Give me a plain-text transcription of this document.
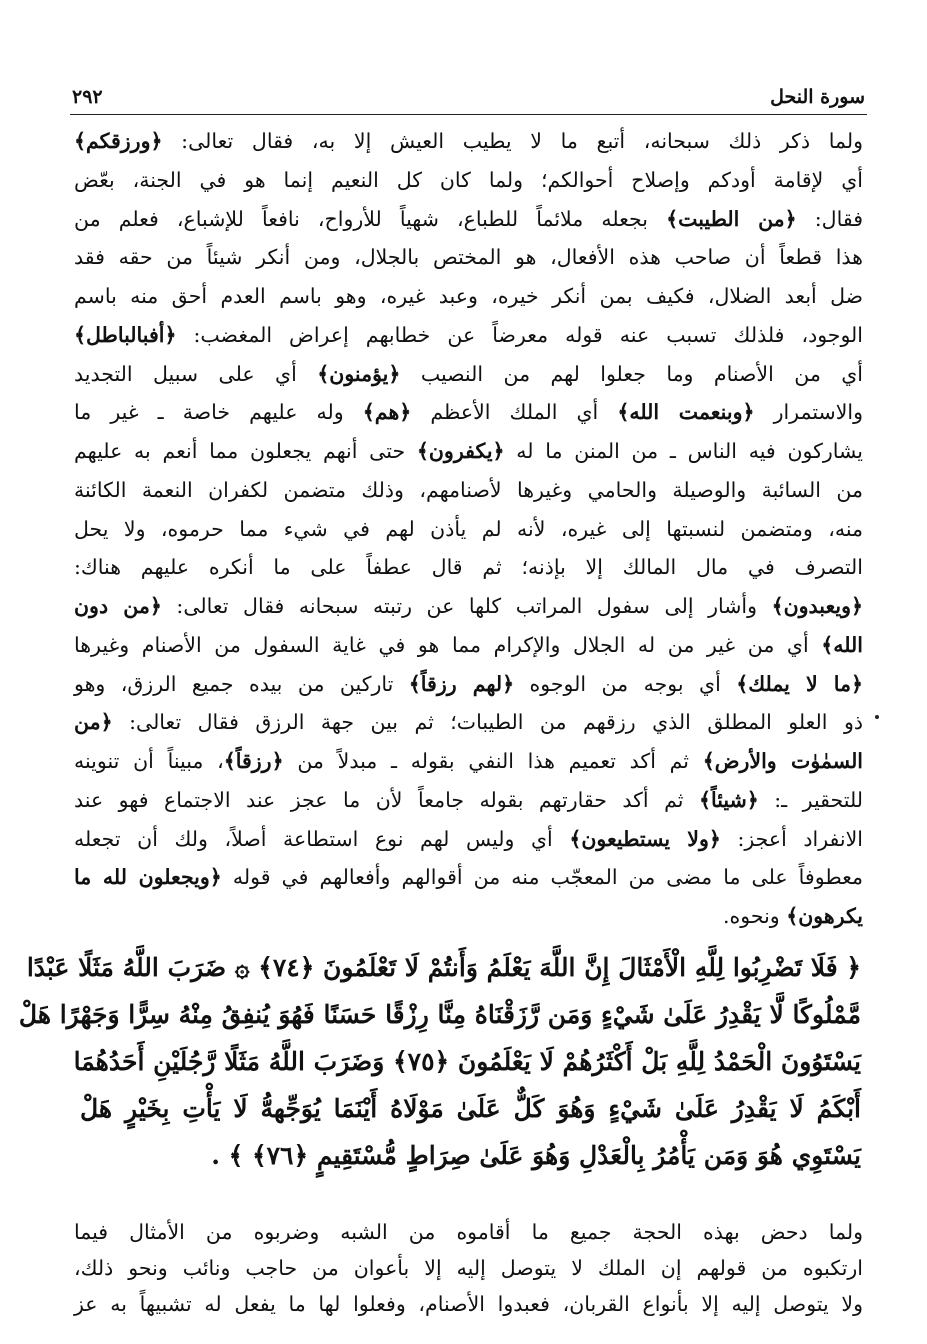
سورة النحل
٢٩٢
ولما ذكر ذلك سبحانه، أتبع ما لا يطيب العيش إلا به، فقال تعالى: ﴿ورزقكم﴾
أي لإقامة أودكم وإصلاح أحوالكم؛ ولما كان كل النعيم إنما هو في الجنة، بعّض
فقال: ﴿من الطيبت﴾ بجعله ملائماً للطباع، شهياً للأرواح، نافعاً للإشباع، فعلم من
هذا قطعاً أن صاحب هذه الأفعال، هو المختص بالجلال، ومن أنكر شيئاً من حقه فقد
ضل أبعد الضلال، فكيف بمن أنكر خيره، وعبد غيره، وهو باسم العدم أحق منه باسم
الوجود، فلذلك تسبب عنه قوله معرضاً عن خطابهم إعراض المغضب: ﴿أفبالباطل﴾
أي من الأصنام وما جعلوا لهم من النصيب ﴿يؤمنون﴾ أي على سبيل التجديد
والاستمرار ﴿وبنعمت الله﴾ أي الملك الأعظم ﴿هم﴾ وله عليهم خاصة ـ غير ما
يشاركون فيه الناس ـ من المنن ما له ﴿يكفرون﴾ حتى أنهم يجعلون مما أنعم به عليهم
من السائبة والوصيلة والحامي وغيرها لأصنامهم، وذلك متضمن لكفران النعمة الكائنة
منه، ومتضمن لنسبتها إلى غيره، لأنه لم يأذن لهم في شيء مما حرموه، ولا يحل
التصرف في مال المالك إلا بإذنه؛ ثم قال عطفاً على ما أنكره عليهم هناك:
﴿ويعبدون﴾ وأشار إلى سفول المراتب كلها عن رتبته سبحانه فقال تعالى: ﴿من دون
الله﴾ أي من غير من له الجلال والإكرام مما هو في غاية السفول من الأصنام وغيرها
﴿ما لا يملك﴾ أي بوجه من الوجوه ﴿لهم رزقاً﴾ تاركين من بيده جميع الرزق، وهو
ذو العلو المطلق الذي رزقهم من الطيبات؛ ثم بين جهة الرزق فقال تعالى: ﴿من
السمٰوٰت والأرض﴾ ثم أكد تعميم هذا النفي بقوله ـ مبدلاً من ﴿رزقاً﴾، مبيناً أن تنوينه
للتحقير ـ: ﴿شيئاً﴾ ثم أكد حقارتهم بقوله جامعاً لأن ما عجز عند الاجتماع فهو عند
الانفراد أعجز: ﴿ولا يستطيعون﴾ أي وليس لهم نوع استطاعة أصلاً، ولك أن تجعله
معطوفاً على ما مضى من المعجّب منه من أقوالهم وأفعالهم في قوله ﴿ويجعلون لله ما
يكرهون﴾ ونحوه.
﴿ فَلَا تَضْرِبُوا لِلَّهِ الْأَمْثَالَ إِنَّ اللَّهَ يَعْلَمُ وَأَنتُمْ لَا تَعْلَمُونَ ﴿٧٤﴾ ۞ ضَرَبَ اللَّهُ مَثَلًا عَبْدًا
مَّمْلُوكًا لَّا يَقْدِرُ عَلَىٰ شَيْءٍ وَمَن رَّزَقْنَاهُ مِنَّا رِزْقًا حَسَنًا فَهُوَ يُنفِقُ مِنْهُ سِرًّا وَجَهْرًا هَلْ
يَسْتَوُونَ الْحَمْدُ لِلَّهِ بَلْ أَكْثَرُهُمْ لَا يَعْلَمُونَ ﴿٧٥﴾ وَضَرَبَ اللَّهُ مَثَلًا رَّجُلَيْنِ أَحَدُهُمَا
أَبْكَمُ لَا يَقْدِرُ عَلَىٰ شَيْءٍ وَهُوَ كَلٌّ عَلَىٰ مَوْلَاهُ أَيْنَمَا يُوَجِّههُّ لَا يَأْتِ بِخَيْرٍ هَلْ
يَسْتَوِي هُوَ وَمَن يَأْمُرُ بِالْعَدْلِ وَهُوَ عَلَىٰ صِرَاطٍ مُّسْتَقِيمٍ ﴿٧٦﴾ ﴾ .
ولما دحض بهذه الحجة جميع ما أقاموه من الشبه وضربوه من الأمثال فيما
ارتكبوه من قولهم إن الملك لا يتوصل إليه إلا بأعوان من حاجب ونائب ونحو ذلك،
ولا يتوصل إليه إلا بأنواع القربان، فعبدوا الأصنام، وفعلوا لها ما يفعل له تشبيهاً به عز
